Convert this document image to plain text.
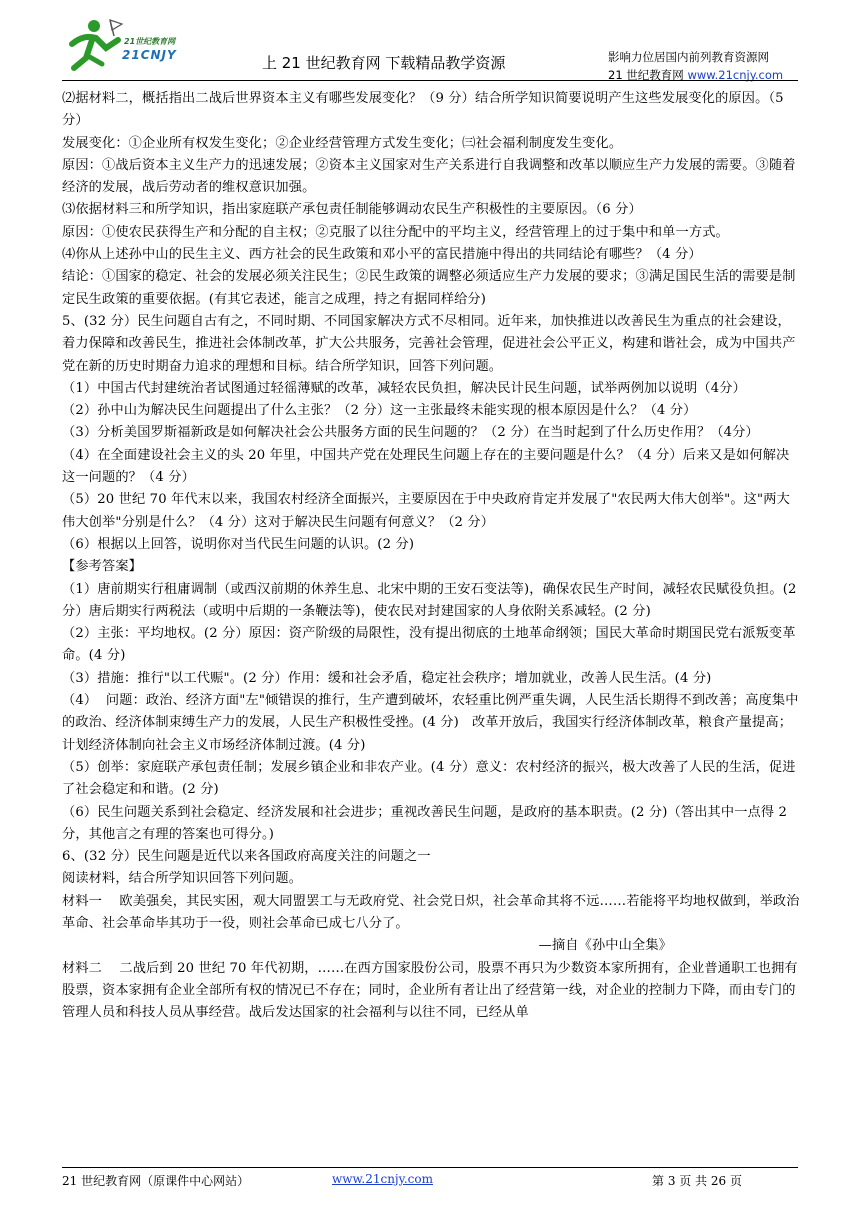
21世纪教育网
21CNJY	上 21 世纪教育网 下载精品教学资源	影响力位居国内前列教育资源网
21 世纪教育网 www.21cnjy.com

⑵据材料二，概括指出二战后世界资本主义有哪些发展变化？（9 分）结合所学知识简要说明产生这些发展变化的原因。（5 分）

发展变化：①企业所有权发生变化；②企业经营管理方式发生变化；㈢社会福利制度发生变化。

原因：①战后资本主义生产力的迅速发展；②资本主义国家对生产关系进行自我调整和改革以顺应生产力发展的需要。③随着经济的发展，战后劳动者的维权意识加强。

⑶依据材料三和所学知识，指出家庭联产承包责任制能够调动农民生产积极性的主要原因。（6 分）

原因：①使农民获得生产和分配的自主权；②克服了以往分配中的平均主义，经营管理上的过于集中和单一方式。

⑷你从上述孙中山的民生主义、西方社会的民生政策和邓小平的富民措施中得出的共同结论有哪些？（4 分）

结论：①国家的稳定、社会的发展必须关注民生；②民生政策的调整必须适应生产力发展的要求；③满足国民生活的需要是制定民生政策的重要依据。(有其它表述，能言之成理，持之有据同样给分)

5、(32 分）民生问题自古有之，不同时期、不同国家解决方式不尽相同。近年来，加快推进以改善民生为重点的社会建设，着力保障和改善民生，推进社会体制改革，扩大公共服务，完善社会管理，促进社会公平正义，构建和谐社会，成为中国共产党在新的历史时期奋力追求的理想和目标。结合所学知识，回答下列问题。

（1）中国古代封建统治者试图通过轻徭薄赋的改革，减轻农民负担，解决民计民生问题，试举两例加以说明（4分）

（2）孙中山为解决民生问题提出了什么主张？（2 分）这一主张最终未能实现的根本原因是什么？（4 分）

（3）分析美国罗斯福新政是如何解决社会公共服务方面的民生问题的？（2 分）在当时起到了什么历史作用？（4分）

（4）在全面建设社会主义的头 20 年里，中国共产党在处理民生问题上存在的主要问题是什么？（4 分）后来又是如何解决这一问题的？（4 分）

（5）20 世纪 70 年代末以来，我国农村经济全面振兴，主要原因在于中央政府肯定并发展了"农民两大伟大创举"。这"两大伟大创举"分别是什么？（4 分）这对于解决民生问题有何意义？（2 分）

（6）根据以上回答，说明你对当代民生问题的认识。(2 分)

【参考答案】

（1）唐前期实行租庸调制（或西汉前期的休养生息、北宋中期的王安石变法等)，确保农民生产时间，减轻农民赋役负担。(2 分）唐后期实行两税法（或明中后期的一条鞭法等)，使农民对封建国家的人身依附关系减轻。(2 分)

（2）主张：平均地权。(2 分）原因：资产阶级的局限性，没有提出彻底的土地革命纲领；国民大革命时期国民党右派叛变革命。(4 分)

（3）措施：推行"以工代赈"。(2 分）作用：缓和社会矛盾，稳定社会秩序；增加就业，改善人民生活。(4 分)

（4）  问题：政治、经济方面"左"倾错误的推行，生产遭到破坏，农轻重比例严重失调，人民生活长期得不到改善；高度集中的政治、经济体制束缚生产力的发展，人民生产积极性受挫。(4 分)   改革开放后，我国实行经济体制改革，粮食产量提高；计划经济体制向社会主义市场经济体制过渡。(4 分)

（5）创举：家庭联产承包责任制；发展乡镇企业和非农产业。(4 分）意义：农村经济的振兴，极大改善了人民的生活，促进了社会稳定和和谐。(2 分)

（6）民生问题关系到社会稳定、经济发展和社会进步；重视改善民生问题，是政府的基本职责。(2 分)（答出其中一点得 2 分，其他言之有理的答案也可得分。)

6、(32 分）民生问题是近代以来各国政府高度关注的问题之一

阅读材料，结合所学知识回答下列问题。

材料一    欧美强矣，其民实困，观大同盟罢工与无政府党、社会党日炽，社会革命其将不远……若能将平均地权做到，举政治革命、社会革命毕其功于一役，则社会革命已成七八分了。

—摘自《孙中山全集》

材料二    二战后到 20 世纪 70 年代初期，……在西方国家股份公司，股票不再只为少数资本家所拥有，企业普通职工也拥有股票，资本家拥有企业全部所有权的情况已不存在；同时，企业所有者让出了经营第一线，对企业的控制力下降，而由专门的管理人员和科技人员从事经营。战后发达国家的社会福利与以往不同，已经从单

21 世纪教育网（原课件中心网站）	www.21cnjy.com	第 3 页 共 26 页
